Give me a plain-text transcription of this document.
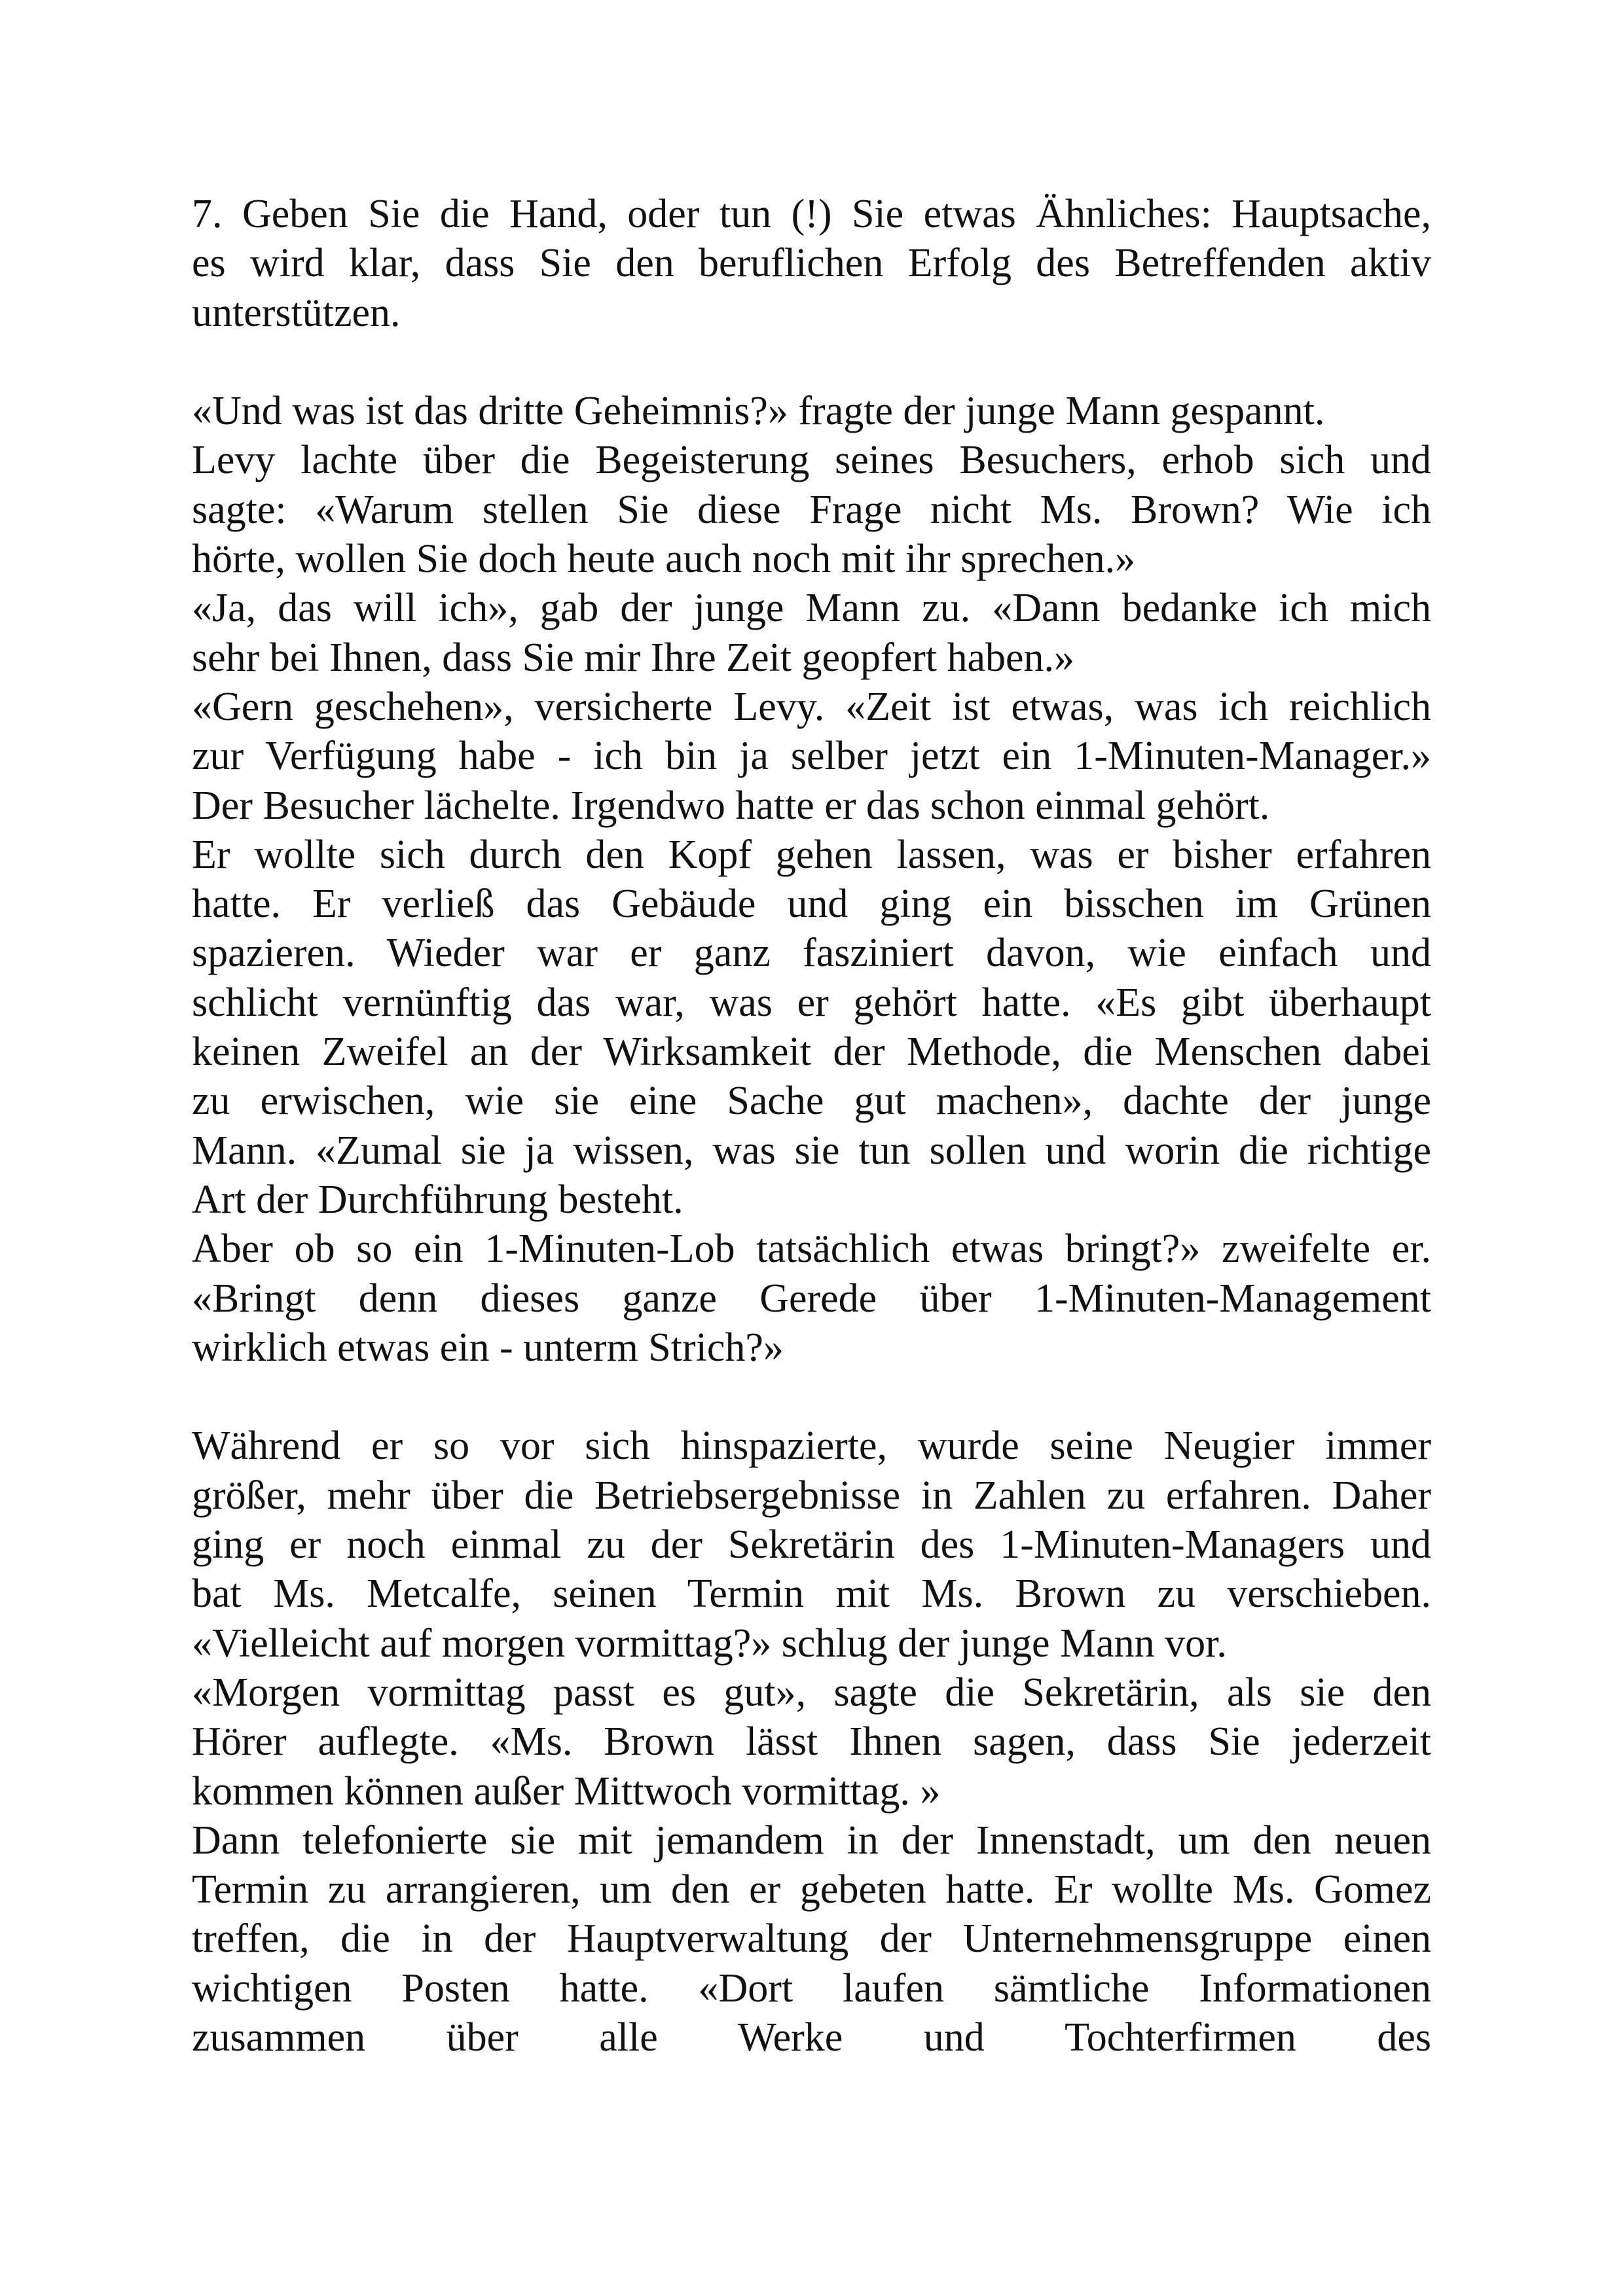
7. Geben Sie die Hand, oder tun (!) Sie etwas Ähnliches: Hauptsache,
es wird klar, dass Sie den beruflichen Erfolg des Betreffenden aktiv
unterstützen.
«Und was ist das dritte Geheimnis?» fragte der junge Mann gespannt.
Levy lachte über die Begeisterung seines Besuchers, erhob sich und
sagte: «Warum stellen Sie diese Frage nicht Ms. Brown? Wie ich
hörte, wollen Sie doch heute auch noch mit ihr sprechen.»
«Ja, das will ich», gab der junge Mann zu. «Dann bedanke ich mich
sehr bei Ihnen, dass Sie mir Ihre Zeit geopfert haben.»
«Gern geschehen», versicherte Levy. «Zeit ist etwas, was ich reichlich
zur Verfügung habe - ich bin ja selber jetzt ein 1-Minuten-Manager.»
Der Besucher lächelte. Irgendwo hatte er das schon einmal gehört.
Er wollte sich durch den Kopf gehen lassen, was er bisher erfahren
hatte. Er verließ das Gebäude und ging ein bisschen im Grünen
spazieren. Wieder war er ganz fasziniert davon, wie einfach und
schlicht vernünftig das war, was er gehört hatte. «Es gibt überhaupt
keinen Zweifel an der Wirksamkeit der Methode, die Menschen dabei
zu erwischen, wie sie eine Sache gut machen», dachte der junge
Mann. «Zumal sie ja wissen, was sie tun sollen und worin die richtige
Art der Durchführung besteht.
Aber ob so ein 1-Minuten-Lob tatsächlich etwas bringt?» zweifelte er.
«Bringt denn dieses ganze Gerede über 1-Minuten-Management
wirklich etwas ein - unterm Strich?»
Während er so vor sich hinspazierte, wurde seine Neugier immer
größer, mehr über die Betriebsergebnisse in Zahlen zu erfahren. Daher
ging er noch einmal zu der Sekretärin des 1-Minuten-Managers und
bat Ms. Metcalfe, seinen Termin mit Ms. Brown zu verschieben.
«Vielleicht auf morgen vormittag?» schlug der junge Mann vor.
«Morgen vormittag passt es gut», sagte die Sekretärin, als sie den
Hörer auflegte. «Ms. Brown lässt Ihnen sagen, dass Sie jederzeit
kommen können außer Mittwoch vormittag. »
Dann telefonierte sie mit jemandem in der Innenstadt, um den neuen
Termin zu arrangieren, um den er gebeten hatte. Er wollte Ms. Gomez
treffen, die in der Hauptverwaltung der Unternehmensgruppe einen
wichtigen Posten hatte. «Dort laufen sämtliche Informationen
zusammen über alle Werke und Tochterfirmen des
